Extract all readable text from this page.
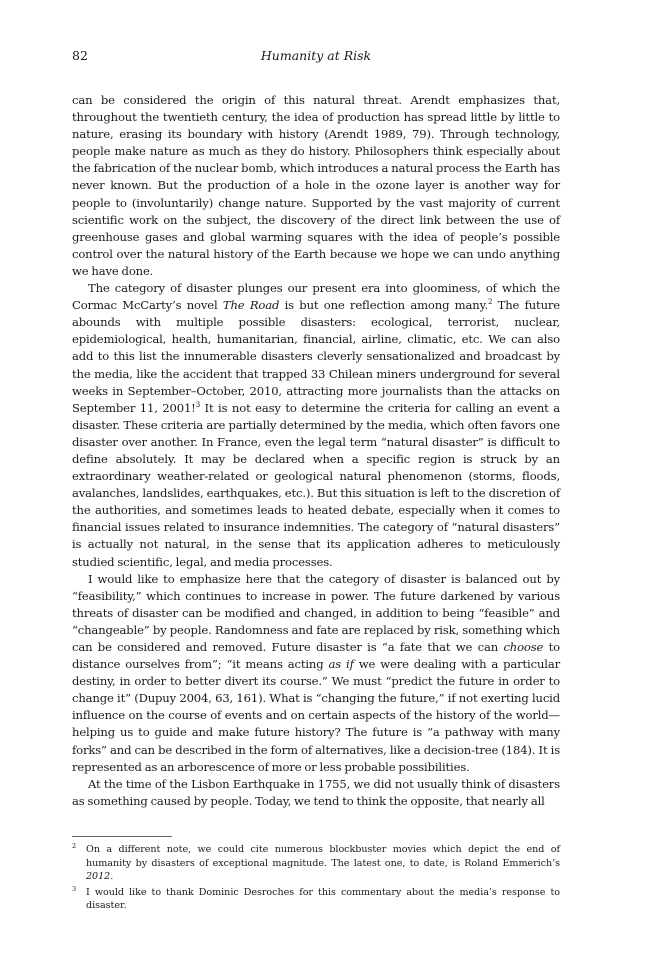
82	Humanity at Risk

can be considered the origin of this natural threat. Arendt emphasizes that, throughout the twentieth century, the idea of production has spread little by little to nature, erasing its boundary with history (Arendt 1989, 79). Through technology, people make nature as much as they do history. Philosophers think especially about the fabrication of the nuclear bomb, which introduces a natural process the Earth has never known. But the production of a hole in the ozone layer is another way for people to (involuntarily) change nature. Supported by the vast majority of current scientific work on the subject, the discovery of the direct link between the use of greenhouse gases and global warming squares with the idea of people’s possible control over the natural history of the Earth because we hope we can undo anything we have done.

The category of disaster plunges our present era into gloominess, of which the Cormac McCarty’s novel The Road is but one reflection among many.$^2$ The future abounds with multiple possible disasters: ecological, terrorist, nuclear, epidemiological, health, humanitarian, financial, airline, climatic, etc. We can also add to this list the innumerable disasters cleverly sensationalized and broadcast by the media, like the accident that trapped 33 Chilean miners underground for several weeks in September–October, 2010, attracting more journalists than the attacks on September 11, 2001!$^3$ It is not easy to determine the criteria for calling an event a disaster. These criteria are partially determined by the media, which often favors one disaster over another. In France, even the legal term “natural disaster” is difficult to define absolutely. It may be declared when a specific region is struck by an extraordinary weather-related or geological natural phenomenon (storms, floods, avalanches, landslides, earthquakes, etc.). But this situation is left to the discretion of the authorities, and sometimes leads to heated debate, especially when it comes to financial issues related to insurance indemnities. The category of “natural disasters” is actually not natural, in the sense that its application adheres to meticulously studied scientific, legal, and media processes.

I would like to emphasize here that the category of disaster is balanced out by “feasibility,” which continues to increase in power. The future darkened by various threats of disaster can be modified and changed, in addition to being “feasible” and “changeable” by people. Randomness and fate are replaced by risk, something which can be considered and removed. Future disaster is “a fate that we can choose to distance ourselves from”; “it means acting as if we were dealing with a particular destiny, in order to better divert its course.” We must “predict the future in order to change it” (Dupuy 2004, 63, 161). What is “changing the future,” if not exerting lucid influence on the course of events and on certain aspects of the history of the world—helping us to guide and make future history? The future is “a pathway with many forks” and can be described in the form of alternatives, like a decision-tree (184). It is represented as an arborescence of more or less probable possibilities.

At the time of the Lisbon Earthquake in 1755, we did not usually think of disasters as something caused by people. Today, we tend to think the opposite, that nearly all

2 On a different note, we could cite numerous blockbuster movies which depict the end of humanity by disasters of exceptional magnitude. The latest one, to date, is Roland Emmerich’s 2012.
3 I would like to thank Dominic Desroches for this commentary about the media’s response to disaster.
